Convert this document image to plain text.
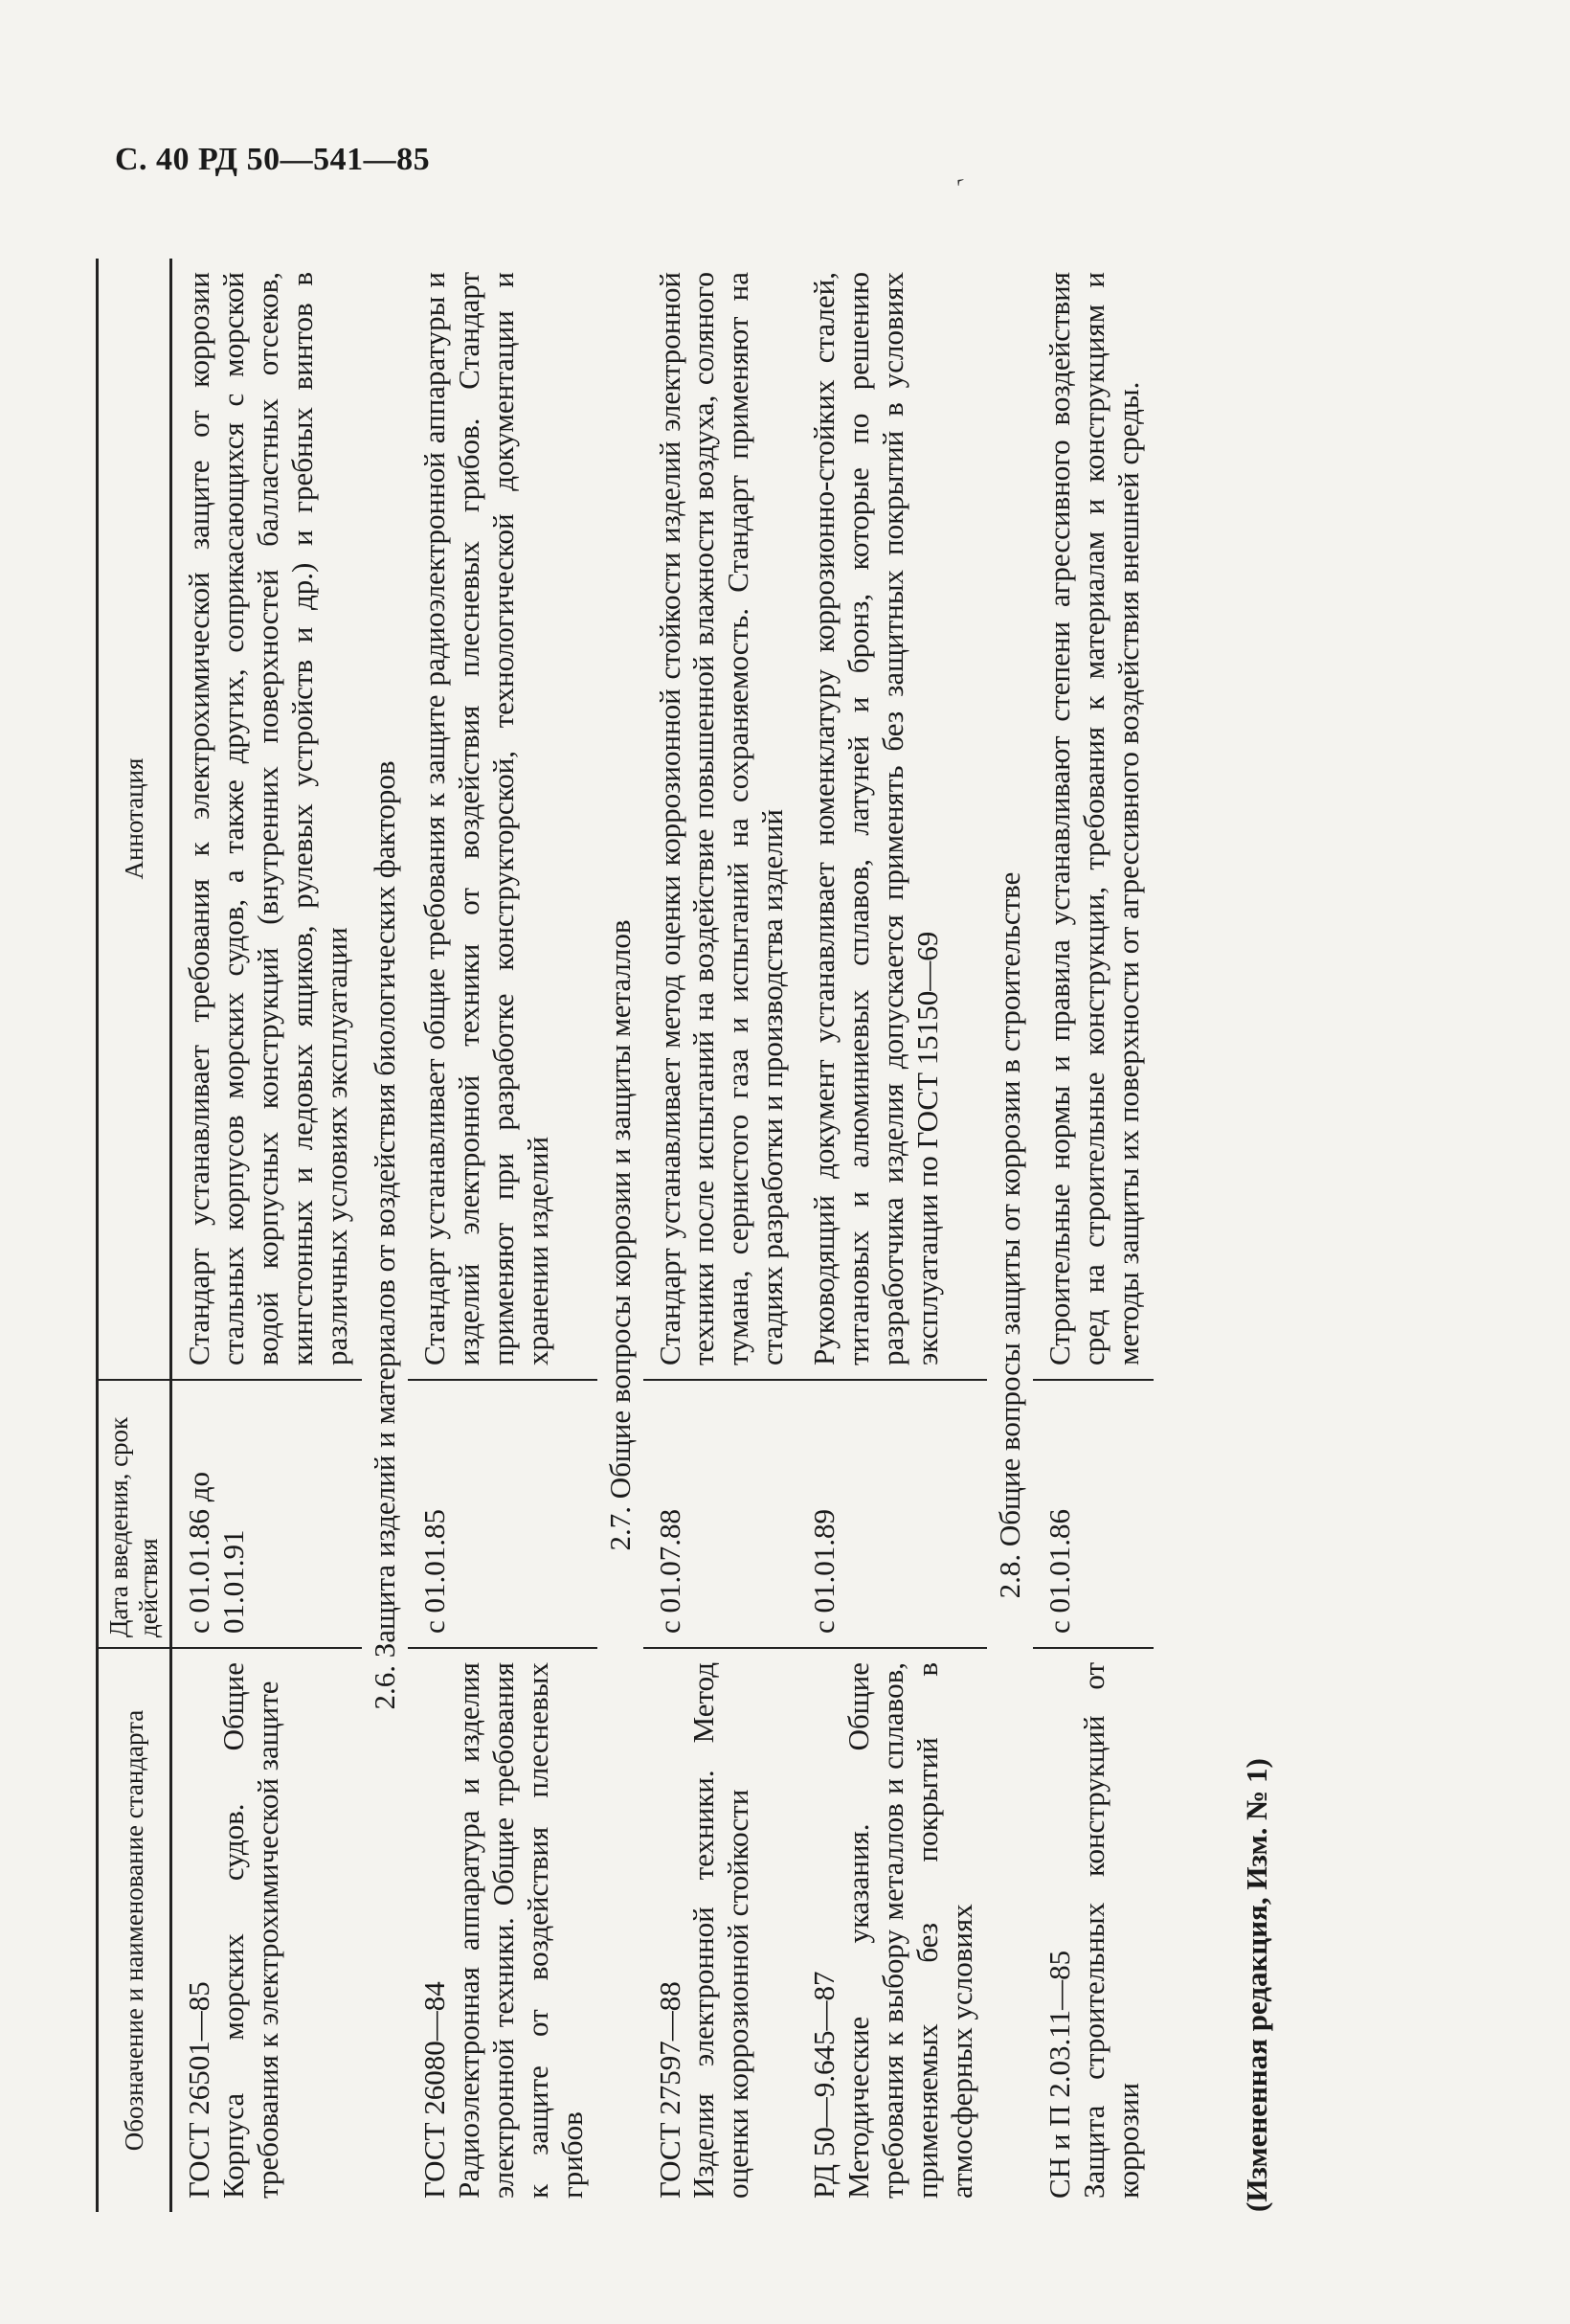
С. 40 РД 50—541—85
‹
Обозначение и наименование стандарта	Дата введения, срок действия	Аннотация

ГОСТ 26501—85 Корпуса морских судов. Общие требования к электрохимической защите	с 01.01.86 до 01.01.91	Стандарт устанавливает требования к электрохимической защите от коррозии стальных корпусов морских судов, а также других, соприкасающихся с морской водой корпусных конструкций (внутренних поверхностей балластных отсеков, кингстонных и ледовых ящиков, рулевых устройств и др.) и гребных винтов в различных условиях эксплуатации
2.6. Защита изделий и материалов от воздействия биологических факторов		

ГОСТ 26080—84 Радиоэлектронная аппаратура и изделия электронной техники. Общие требования к защите от воздействия плесневых грибов	с 01.01.85	Стандарт устанавливает общие требования к защите радиоэлектронной аппаратуры и изделий электронной техники от воздействия плесневых грибов. Стандарт применяют при разработке конструкторской, технологической документации и хранении изделий
2.7. Общие вопросы коррозии и защиты металлов		

ГОСТ 27597—88 Изделия электронной техники. Метод оценки коррозионной стойкости	с 01.07.88	Стандарт устанавливает метод оценки коррозионной стойкости изделий электронной техники после испытаний на воздействие повышенной влажности воздуха, соляного тумана, сернистого газа и испытаний на сохраняемость. Стандарт применяют на стадиях разработки и производства изделий

РД 50—9.645—87 Методические указания. Общие требования к выбору металлов и сплавов, применяемых без покрытий в атмосферных условиях	с 01.01.89	Руководящий документ устанавливает номенклатуру коррозионно-стойких сталей, титановых и алюминиевых сплавов, латуней и бронз, которые по решению разработчика изделия допускается применять без защитных покрытий в условиях эксплуатации по ГОСТ 15150—69
2.8. Общие вопросы защиты от коррозии в строительстве		

СН и П 2.03.11—85 Защита строительных конструкций от коррозии	с 01.01.86	Строительные нормы и правила устанавливают степени агрессивного воздействия сред на строительные конструкции, требования к материалам и конструкциям и методы защиты их поверхности от агрессивного воздействия внешней среды.
(Измененная редакция, Изм. № 1)
